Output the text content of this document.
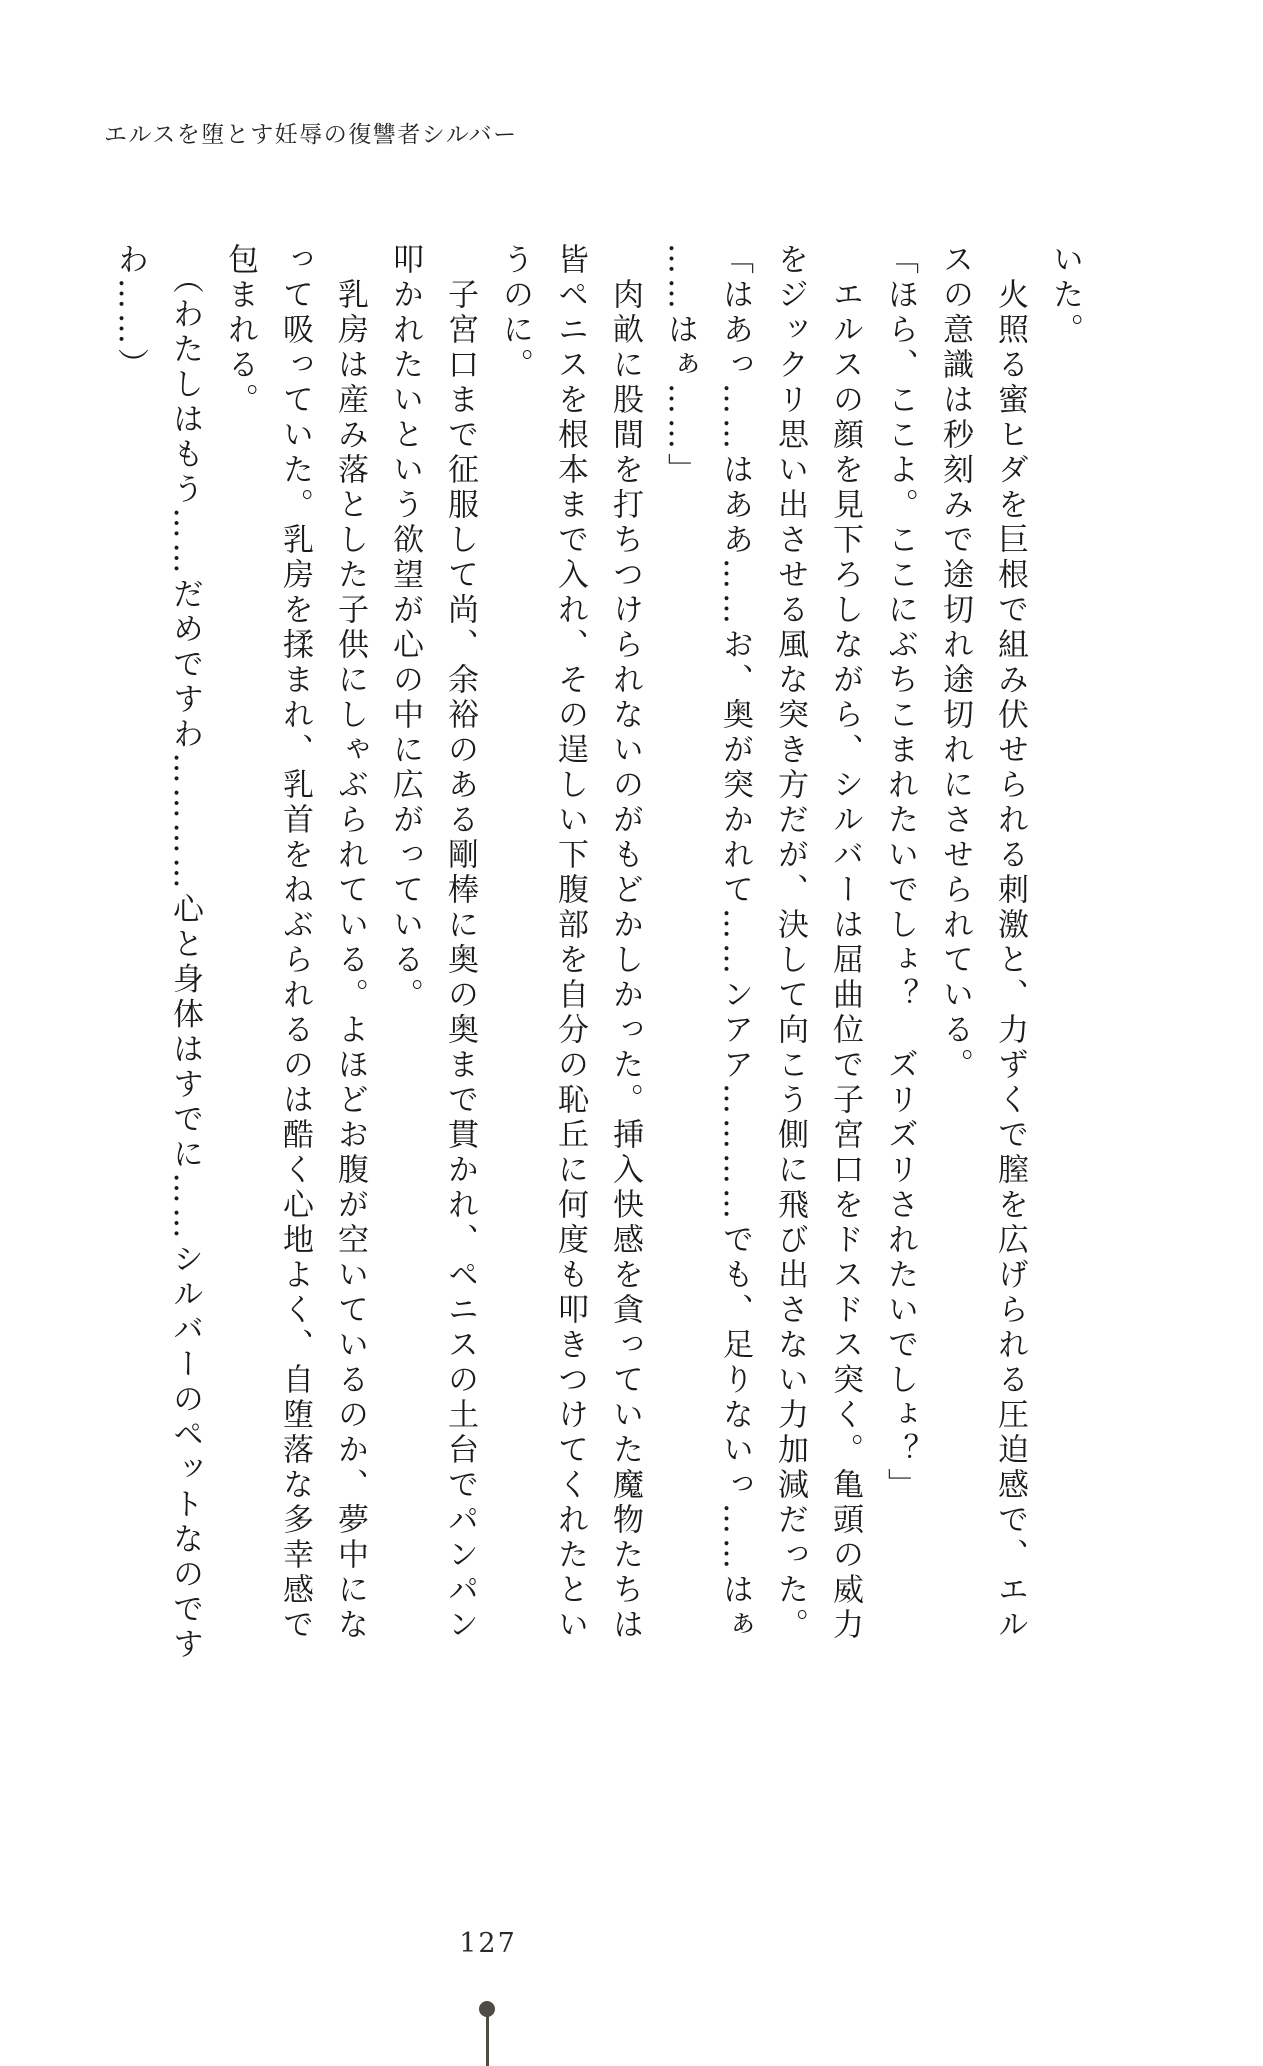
エルスを堕とす妊辱の復讐者シルバー
いた。
　火照る蜜ヒダを巨根で組み伏せられる刺激と、力ずくで膣を広げられる圧迫感で、エル
スの意識は秒刻みで途切れ途切れにさせられている。
「ほら、ここよ。ここにぶちこまれたいでしょ？　ズリズリされたいでしょ？」
　エルスの顔を見下ろしながら、シルバーは屈曲位で子宮口をドスドス突く。亀頭の威力
をジックリ思い出させる風な突き方だが、決して向こう側に飛び出さない力加減だった。
「はあっ……はああ……お、奥が突かれて……ンアア…………でも、足りないっ……はぁ
……はぁ……」
　肉畝に股間を打ちつけられないのがもどかしかった。挿入快感を貪っていた魔物たちは
皆ペニスを根本まで入れ、その逞しい下腹部を自分の恥丘に何度も叩きつけてくれたとい
うのに。
　子宮口まで征服して尚、余裕のある剛棒に奥の奥まで貫かれ、ペニスの土台でパンパン
叩かれたいという欲望が心の中に広がっている。
　乳房は産み落とした子供にしゃぶられている。よほどお腹が空いているのか、夢中にな
って吸っていた。乳房を揉まれ、乳首をねぶられるのは酷く心地よく、自堕落な多幸感で
包まれる。
　（わたしはもう……だめですわ…………心と身体はすでに……シルバーのペットなのです
わ……）
127
